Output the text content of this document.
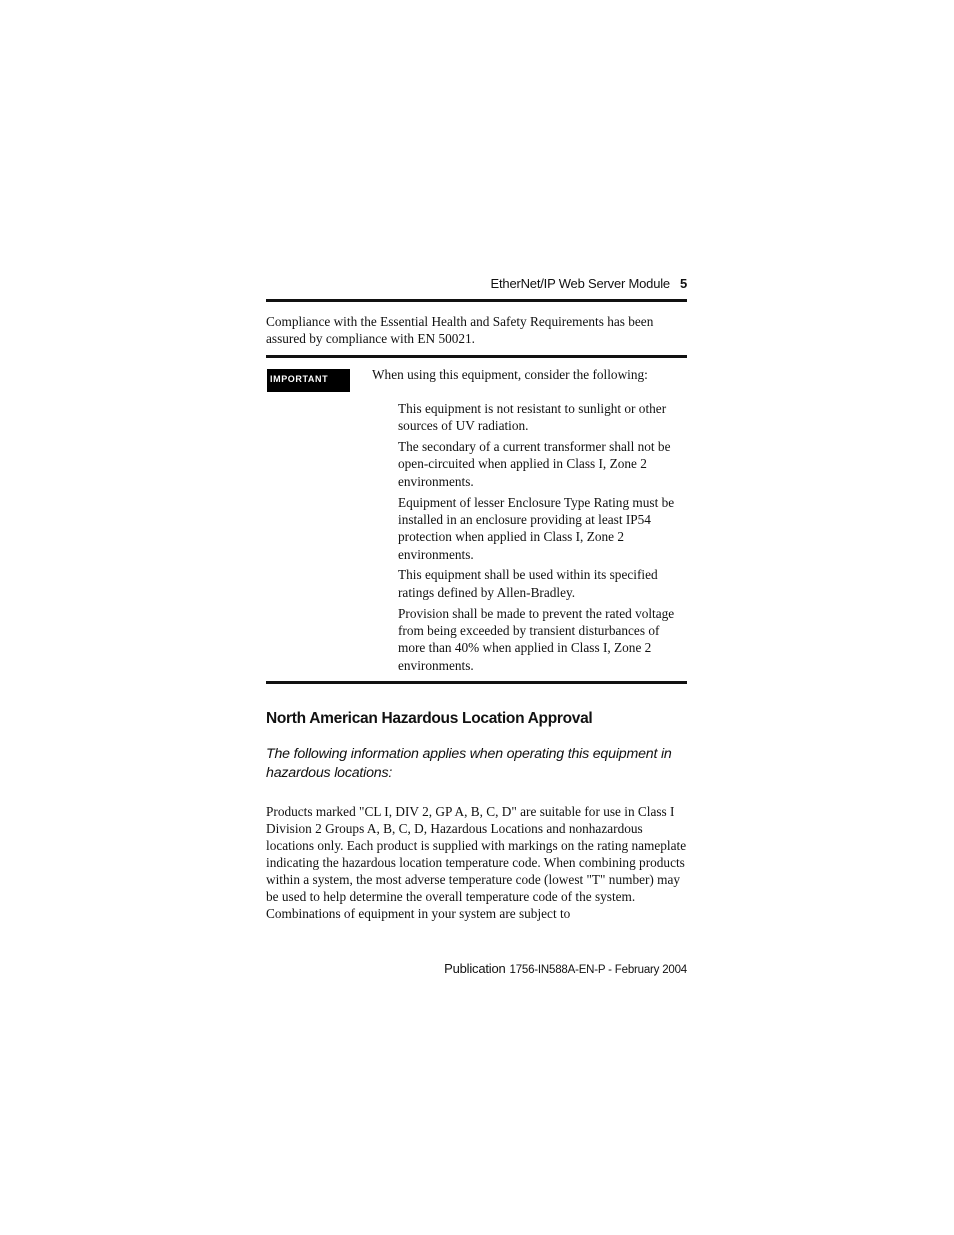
EtherNet/IP Web Server Module 5

Compliance with the Essential Health and Safety Requirements has been assured by compliance with EN 50021.

IMPORTANT	When using this equipment, consider the following:

This equipment is not resistant to sunlight or other sources of UV radiation.
The secondary of a current transformer shall not be open-circuited when applied in Class I, Zone 2 environments.
Equipment of lesser Enclosure Type Rating must be installed in an enclosure providing at least IP54 protection when applied in Class I, Zone 2 environments.
This equipment shall be used within its specified ratings defined by Allen-Bradley.
Provision shall be made to prevent the rated voltage from being exceeded by transient disturbances of more than 40% when applied in Class I, Zone 2 environments.
North American Hazardous Location Approval

The following information applies when operating this equipment in hazardous locations:

Products marked "CL I, DIV 2, GP A, B, C, D" are suitable for use in Class I Division 2 Groups A, B, C, D, Hazardous Locations and nonhazardous locations only. Each product is supplied with markings on the rating nameplate indicating the hazardous location temperature code. When combining products within a system, the most adverse temperature code (lowest "T" number) may be used to help determine the overall temperature code of the system. Combinations of equipment in your system are subject to

Publication 1756-IN588A-EN-P - February 2004
